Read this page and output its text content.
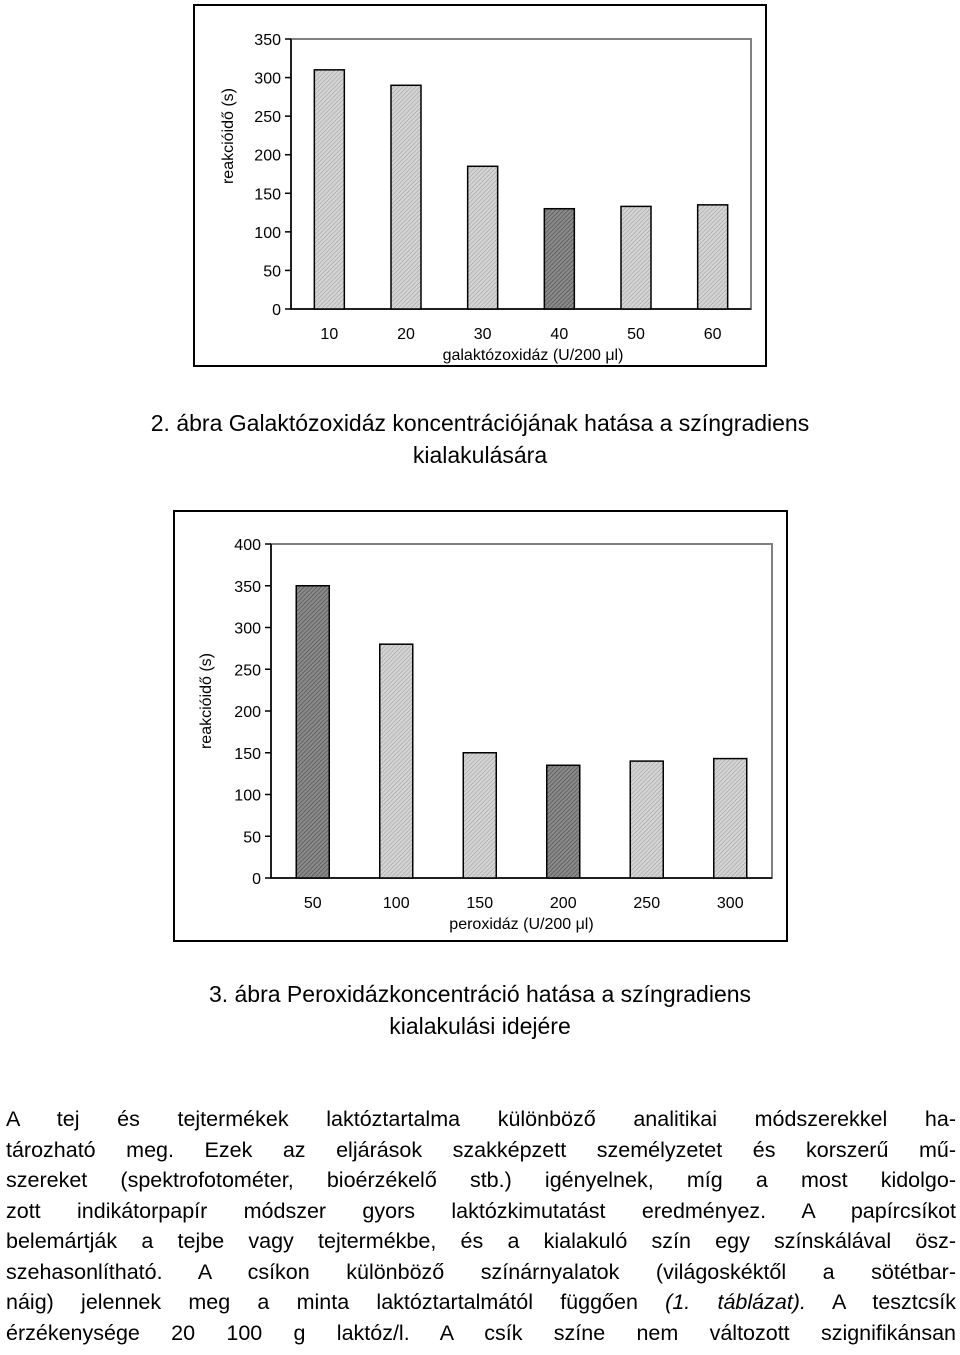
0
50
100
150
200
250
300
350
10	20	30	40	50	60
galaktózoxidáz (U/200 μl)
reakcióidő (s)
2. ábra Galaktózoxidáz koncentrációjának hatása a színgradiens
kialakulására
0
50
100
150
200
250
300
350
400
50	100	150	200	250	300
peroxidáz (U/200 μl)
reakcióidő (s)
3. ábra Peroxidázkoncentráció hatása a színgradiens
kialakulási idejére
A tej és tejtermékek laktóztartalma különböző analitikai módszerekkel ha-
tározható meg. Ezek az eljárások szakképzett személyzetet és korszerű mű-
szereket (spektrofotométer, bioérzékelő stb.) igényelnek, míg a most kidolgo-
zott indikátorpapír módszer gyors laktózkimutatást eredményez. A papírcsíkot
belemártják a tejbe vagy tejtermékbe, és a kialakuló szín egy színskálával ösz-
szehasonlítható. A csíkon különböző színárnyalatok (világoskéktől a sötétbar-
náig) jelennek meg a minta laktóztartalmától függően (1. táblázat). A tesztcsík
érzékenysége 20 100 g laktóz/l. A csík színe nem változott szignifikánsan
